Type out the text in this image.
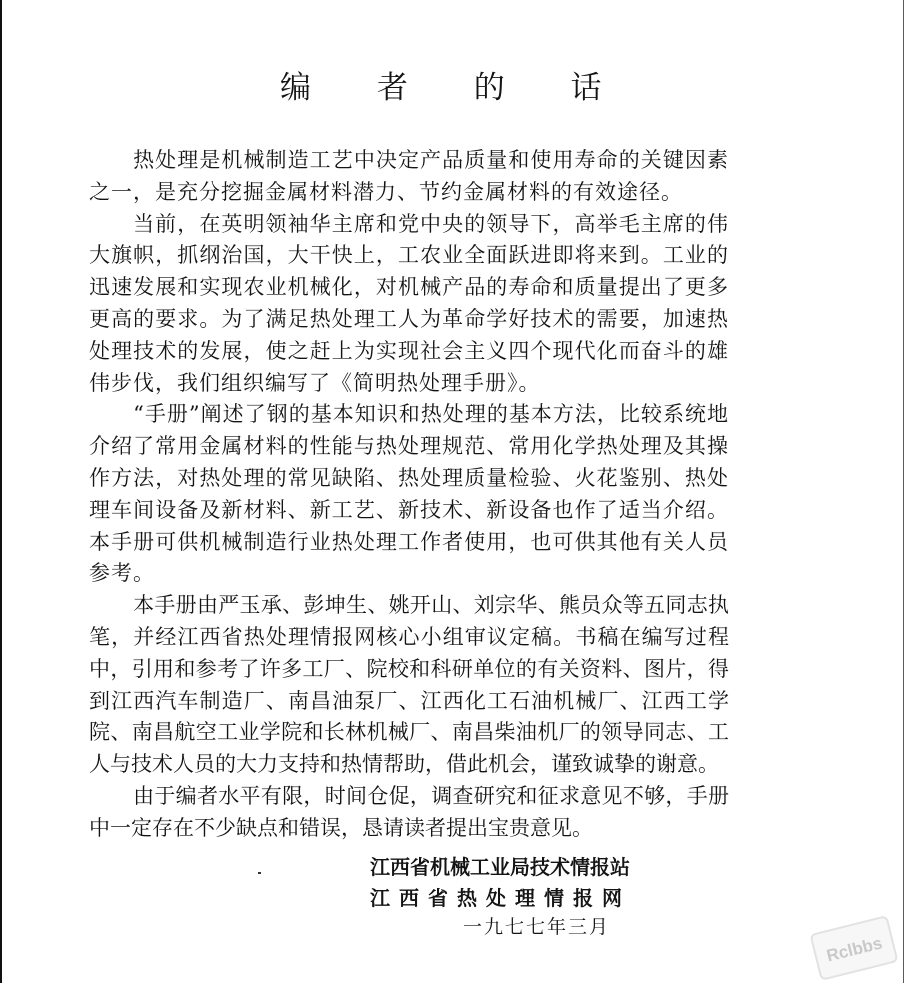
编 者 的 话

热处理是机械制造工艺中决定产品质量和使用寿命的关键因素之一，是充分挖掘金属材料潜力、节约金属材料的有效途径。

当前，在英明领袖华主席和党中央的领导下，高举毛主席的伟大旗帜，抓纲治国，大干快上，工农业全面跃进即将来到。工业的迅速发展和实现农业机械化，对机械产品的寿命和质量提出了更多更高的要求。为了满足热处理工人为革命学好技术的需要，加速热处理技术的发展，使之赶上为实现社会主义四个现代化而奋斗的雄伟步伐，我们组织编写了《简明热处理手册》。

“手册”阐述了钢的基本知识和热处理的基本方法，比较系统地介绍了常用金属材料的性能与热处理规范、常用化学热处理及其操作方法，对热处理的常见缺陷、热处理质量检验、火花鉴别、热处理车间设备及新材料、新工艺、新技术、新设备也作了适当介绍。本手册可供机械制造行业热处理工作者使用，也可供其他有关人员参考。

本手册由严玉承、彭坤生、姚开山、刘宗华、熊员众等五同志执笔，并经江西省热处理情报网核心小组审议定稿。书稿在编写过程中，引用和参考了许多工厂、院校和科研单位的有关资料、图片，得到江西汽车制造厂、南昌油泵厂、江西化工石油机械厂、江西工学院、南昌航空工业学院和长林机械厂、南昌柴油机厂的领导同志、工人与技术人员的大力支持和热情帮助，借此机会，谨致诚挚的谢意。

由于编者水平有限，时间仓促，调查研究和征求意见不够，手册中一定存在不少缺点和错误，恳请读者提出宝贵意见。

江西省机械工业局技术情报站
江西省热处理情报网
一九七七年三月
Rclbbs
